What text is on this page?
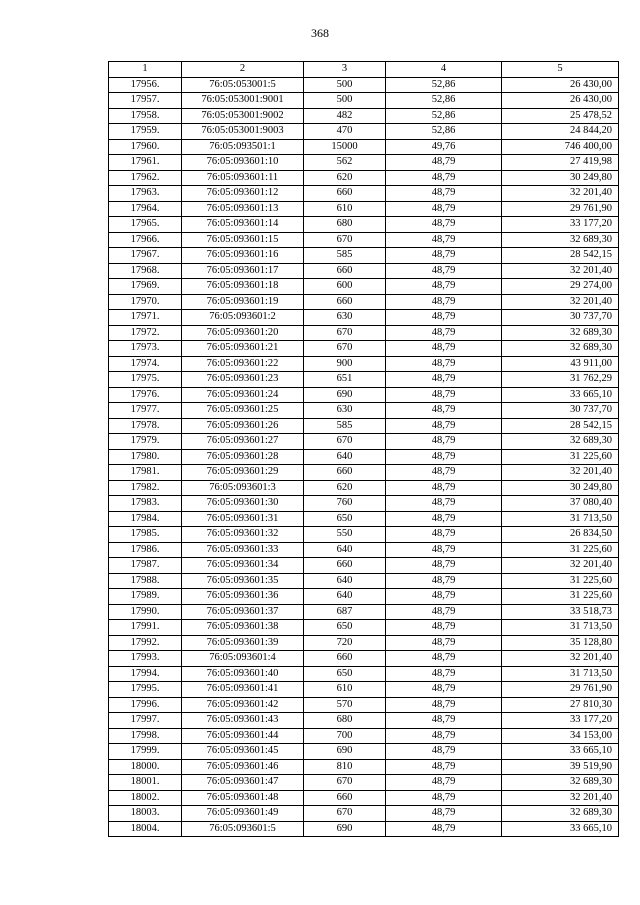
368
1	2	3	4	5
17956.	76:05:053001:5	500	52,86	26 430,00
17957.	76:05:053001:9001	500	52,86	26 430,00
17958.	76:05:053001:9002	482	52,86	25 478,52
17959.	76:05:053001:9003	470	52,86	24 844,20
17960.	76:05:093501:1	15000	49,76	746 400,00
17961.	76:05:093601:10	562	48,79	27 419,98
17962.	76:05:093601:11	620	48,79	30 249,80
17963.	76:05:093601:12	660	48,79	32 201,40
17964.	76:05:093601:13	610	48,79	29 761,90
17965.	76:05:093601:14	680	48,79	33 177,20
17966.	76:05:093601:15	670	48,79	32 689,30
17967.	76:05:093601:16	585	48,79	28 542,15
17968.	76:05:093601:17	660	48,79	32 201,40
17969.	76:05:093601:18	600	48,79	29 274,00
17970.	76:05:093601:19	660	48,79	32 201,40
17971.	76:05:093601:2	630	48,79	30 737,70
17972.	76:05:093601:20	670	48,79	32 689,30
17973.	76:05:093601:21	670	48,79	32 689,30
17974.	76:05:093601:22	900	48,79	43 911,00
17975.	76:05:093601:23	651	48,79	31 762,29
17976.	76:05:093601:24	690	48,79	33 665,10
17977.	76:05:093601:25	630	48,79	30 737,70
17978.	76:05:093601:26	585	48,79	28 542,15
17979.	76:05:093601:27	670	48,79	32 689,30
17980.	76:05:093601:28	640	48,79	31 225,60
17981.	76:05:093601:29	660	48,79	32 201,40
17982.	76:05:093601:3	620	48,79	30 249,80
17983.	76:05:093601:30	760	48,79	37 080,40
17984.	76:05:093601:31	650	48,79	31 713,50
17985.	76:05:093601:32	550	48,79	26 834,50
17986.	76:05:093601:33	640	48,79	31 225,60
17987.	76:05:093601:34	660	48,79	32 201,40
17988.	76:05:093601:35	640	48,79	31 225,60
17989.	76:05:093601:36	640	48,79	31 225,60
17990.	76:05:093601:37	687	48,79	33 518,73
17991.	76:05:093601:38	650	48,79	31 713,50
17992.	76:05:093601:39	720	48,79	35 128,80
17993.	76:05:093601:4	660	48,79	32 201,40
17994.	76:05:093601:40	650	48,79	31 713,50
17995.	76:05:093601:41	610	48,79	29 761,90
17996.	76:05:093601:42	570	48,79	27 810,30
17997.	76:05:093601:43	680	48,79	33 177,20
17998.	76:05:093601:44	700	48,79	34 153,00
17999.	76:05:093601:45	690	48,79	33 665,10
18000.	76:05:093601:46	810	48,79	39 519,90
18001.	76:05:093601:47	670	48,79	32 689,30
18002.	76:05:093601:48	660	48,79	32 201,40
18003.	76:05:093601:49	670	48,79	32 689,30
18004.	76:05:093601:5	690	48,79	33 665,10
